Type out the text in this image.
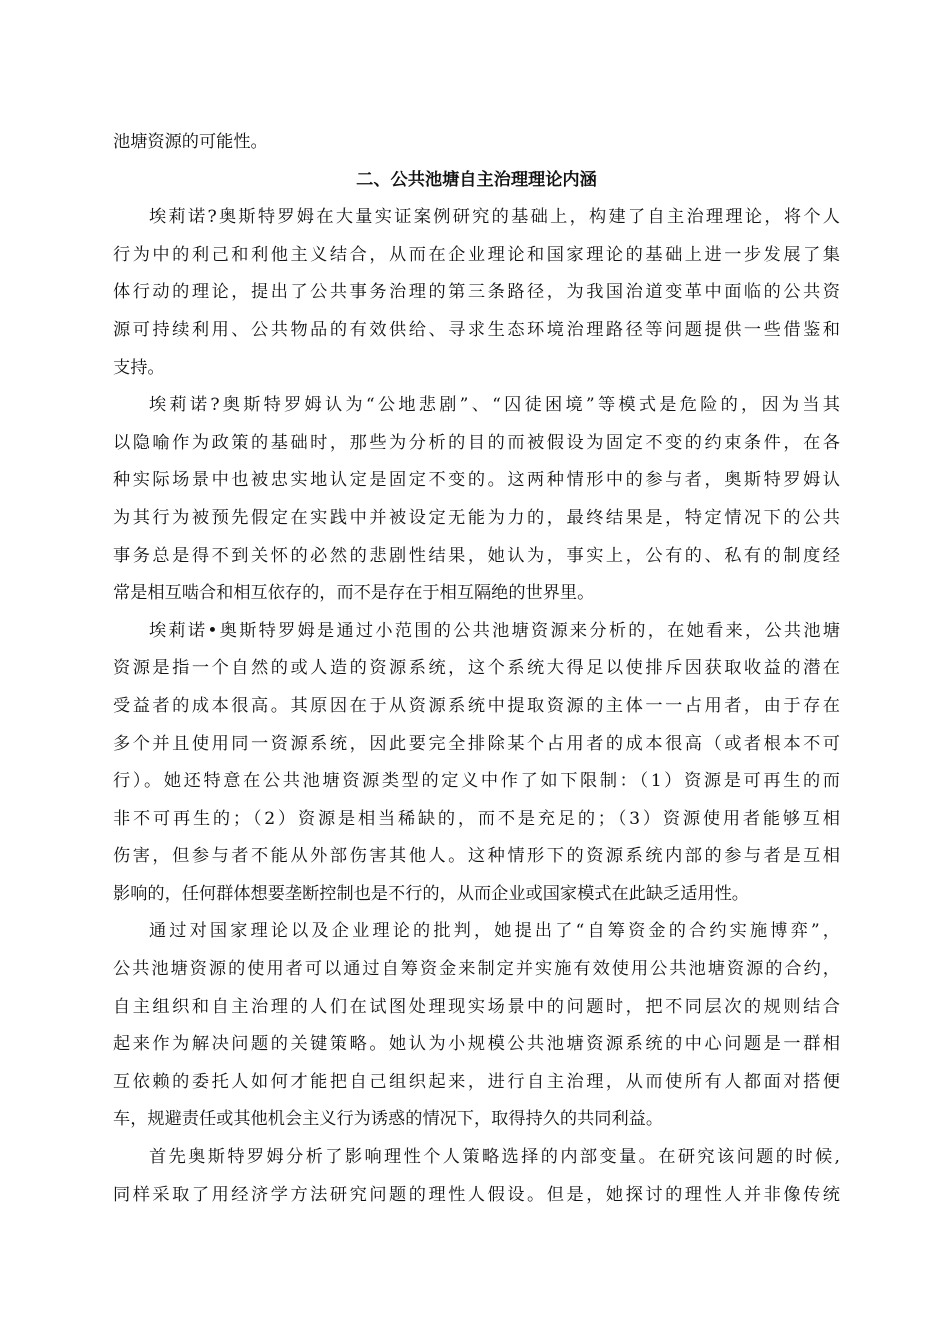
池塘资源的可能性。
二、公共池塘自主治理理论内涵
埃莉诺?奥斯特罗姆在大量实证案例研究的基础上，构建了自主治理理论，将个人
行为中的利己和利他主义结合，从而在企业理论和国家理论的基础上进一步发展了集
体行动的理论，提出了公共事务治理的第三条路径，为我国治道变革中面临的公共资
源可持续利用、公共物品的有效供给、寻求生态环境治理路径等问题提供一些借鉴和
支持。
埃莉诺?奥斯特罗姆认为“公地悲剧”、“囚徒困境”等模式是危险的，因为当其
以隐喻作为政策的基础时，那些为分析的目的而被假设为固定不变的约束条件，在各
种实际场景中也被忠实地认定是固定不变的。这两种情形中的参与者，奥斯特罗姆认
为其行为被预先假定在实践中并被设定无能为力的，最终结果是，特定情况下的公共
事务总是得不到关怀的必然的悲剧性结果，她认为，事实上，公有的、私有的制度经
常是相互啮合和相互依存的，而不是存在于相互隔绝的世界里。
埃莉诺•奥斯特罗姆是通过小范围的公共池塘资源来分析的，在她看来，公共池塘
资源是指一个自然的或人造的资源系统，这个系统大得足以使排斥因获取收益的潜在
受益者的成本很高。其原因在于从资源系统中提取资源的主体一一占用者，由于存在
多个并且使用同一资源系统，因此要完全排除某个占用者的成本很高（或者根本不可
行）。她还特意在公共池塘资源类型的定义中作了如下限制：（1）资源是可再生的而
非不可再生的；（2）资源是相当稀缺的，而不是充足的；（3）资源使用者能够互相
伤害，但参与者不能从外部伤害其他人。这种情形下的资源系统内部的参与者是互相
影响的，任何群体想要垄断控制也是不行的，从而企业或国家模式在此缺乏适用性。
通过对国家理论以及企业理论的批判，她提出了“自筹资金的合约实施博弈”，
公共池塘资源的使用者可以通过自筹资金来制定并实施有效使用公共池塘资源的合约，
自主组织和自主治理的人们在试图处理现实场景中的问题时，把不同层次的规则结合
起来作为解决问题的关键策略。她认为小规模公共池塘资源系统的中心问题是一群相
互依赖的委托人如何才能把自己组织起来，进行自主治理，从而使所有人都面对搭便
车，规避责任或其他机会主义行为诱惑的情况下，取得持久的共同利益。
首先奥斯特罗姆分析了影响理性个人策略选择的内部变量。在研究该问题的时候,
同样采取了用经济学方法研究问题的理性人假设。但是，她探讨的理性人并非像传统
